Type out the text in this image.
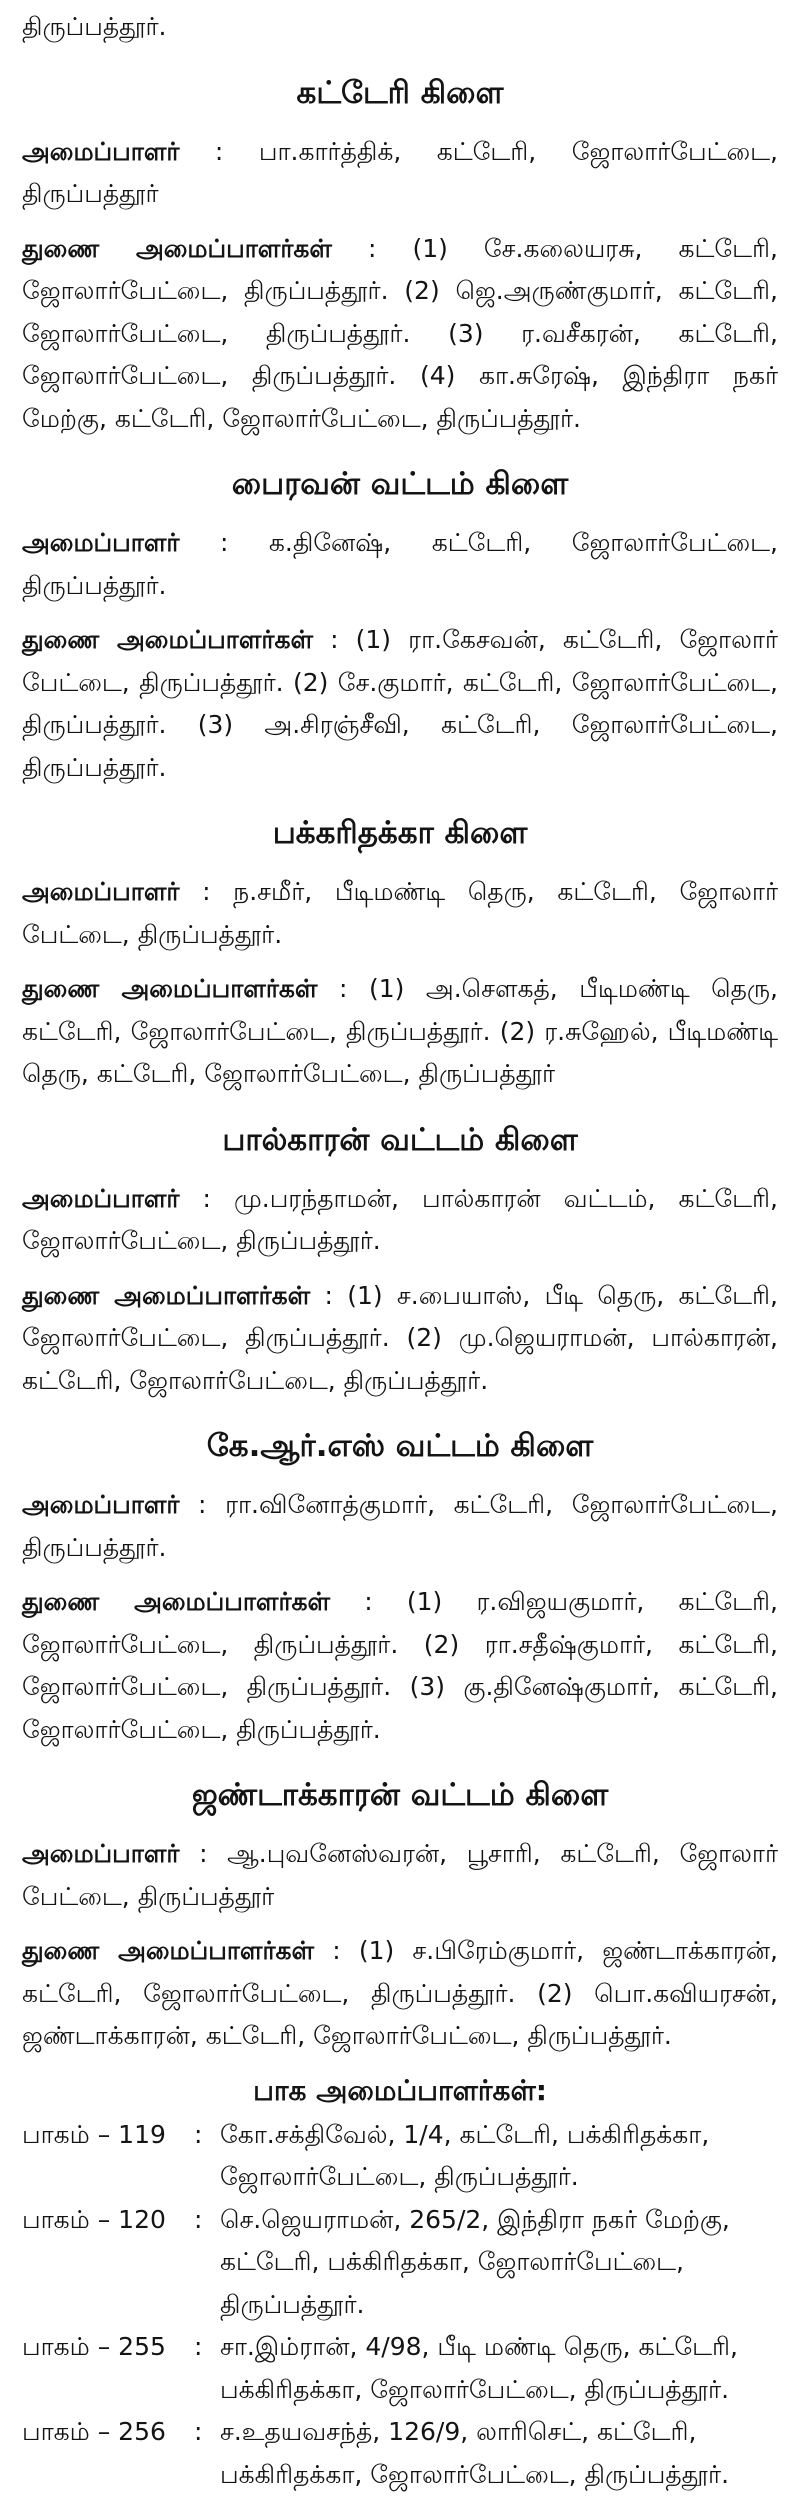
திருப்பத்தூர்.

கட்டேரி கிளை

அமைப்பாளர் : பா.கார்த்திக், கட்டேரி, ஜோலார்பேட்டை, திருப்பத்தூர்

துணை அமைப்பாளர்கள் : (1) சே.கலையரசு, கட்டேரி, ஜோலார்பேட்டை, திருப்பத்தூர். (2) ஜெ.அருண்குமார், கட்டேரி, ஜோலார்பேட்டை, திருப்பத்தூர். (3) ர.வசீகரன், கட்டேரி, ஜோலார்பேட்டை, திருப்பத்தூர். (4) கா.சுரேஷ், இந்திரா நகர் மேற்கு, கட்டேரி, ஜோலார்பேட்டை, திருப்பத்தூர்.

பைரவன் வட்டம் கிளை

அமைப்பாளர் : க.தினேஷ், கட்டேரி, ஜோலார்பேட்டை, திருப்பத்தூர்.

துணை அமைப்பாளர்கள் : (1) ரா.கேசவன், கட்டேரி, ஜோலார் பேட்டை, திருப்பத்தூர். (2) சே.குமார், கட்டேரி, ஜோலார்பேட்டை, திருப்பத்தூர். (3) அ.சிரஞ்சீவி, கட்டேரி, ஜோலார்பேட்டை, திருப்பத்தூர்.

பக்கரிதக்கா கிளை

அமைப்பாளர் : ந.சமீர், பீடிமண்டி தெரு, கட்டேரி, ஜோலார் பேட்டை, திருப்பத்தூர்.

துணை அமைப்பாளர்கள் : (1) அ.சௌகத், பீடிமண்டி தெரு, கட்டேரி, ஜோலார்பேட்டை, திருப்பத்தூர். (2) ர.சுஹேல், பீடிமண்டி தெரு, கட்டேரி, ஜோலார்பேட்டை, திருப்பத்தூர்

பால்காரன் வட்டம் கிளை

அமைப்பாளர் : மு.பரந்தாமன், பால்காரன் வட்டம், கட்டேரி, ஜோலார்பேட்டை, திருப்பத்தூர்.

துணை அமைப்பாளர்கள் : (1) ச.பையாஸ், பீடி தெரு, கட்டேரி, ஜோலார்பேட்டை, திருப்பத்தூர். (2) மு.ஜெயராமன், பால்காரன், கட்டேரி, ஜோலார்பேட்டை, திருப்பத்தூர்.

கே.ஆர்.எஸ் வட்டம் கிளை

அமைப்பாளர் : ரா.வினோத்குமார், கட்டேரி, ஜோலார்பேட்டை, திருப்பத்தூர்.

துணை அமைப்பாளர்கள் : (1) ர.விஜயகுமார், கட்டேரி, ஜோலார்பேட்டை, திருப்பத்தூர். (2) ரா.சதீஷ்குமார், கட்டேரி, ஜோலார்பேட்டை, திருப்பத்தூர். (3) கு.தினேஷ்குமார், கட்டேரி, ஜோலார்பேட்டை, திருப்பத்தூர்.

ஜண்டாக்காரன் வட்டம் கிளை

அமைப்பாளர் : ஆ.புவனேஸ்வரன், பூசாரி, கட்டேரி, ஜோலார் பேட்டை, திருப்பத்தூர்

துணை அமைப்பாளர்கள் : (1) ச.பிரேம்குமார், ஜண்டாக்காரன், கட்டேரி, ஜோலார்பேட்டை, திருப்பத்தூர். (2) பொ.கவியரசன், ஜண்டாக்காரன், கட்டேரி, ஜோலார்பேட்டை, திருப்பத்தூர்.

பாக அமைப்பாளர்கள்:
பாகம் – 119	: கோ.சக்திவேல், 1/4, கட்டேரி, பக்கிரிதக்கா, ஜோலார்பேட்டை, திருப்பத்தூர்.
பாகம் – 120	: செ.ஜெயராமன், 265/2, இந்திரா நகர் மேற்கு, கட்டேரி, பக்கிரிதக்கா, ஜோலார்பேட்டை, திருப்பத்தூர்.
பாகம் – 255	: சா.இம்ரான், 4/98, பீடி மண்டி தெரு, கட்டேரி, பக்கிரிதக்கா, ஜோலார்பேட்டை, திருப்பத்தூர்.
பாகம் – 256	: ச.உதயவசந்த், 126/9, லாரிசெட், கட்டேரி, பக்கிரிதக்கா, ஜோலார்பேட்டை, திருப்பத்தூர்.
